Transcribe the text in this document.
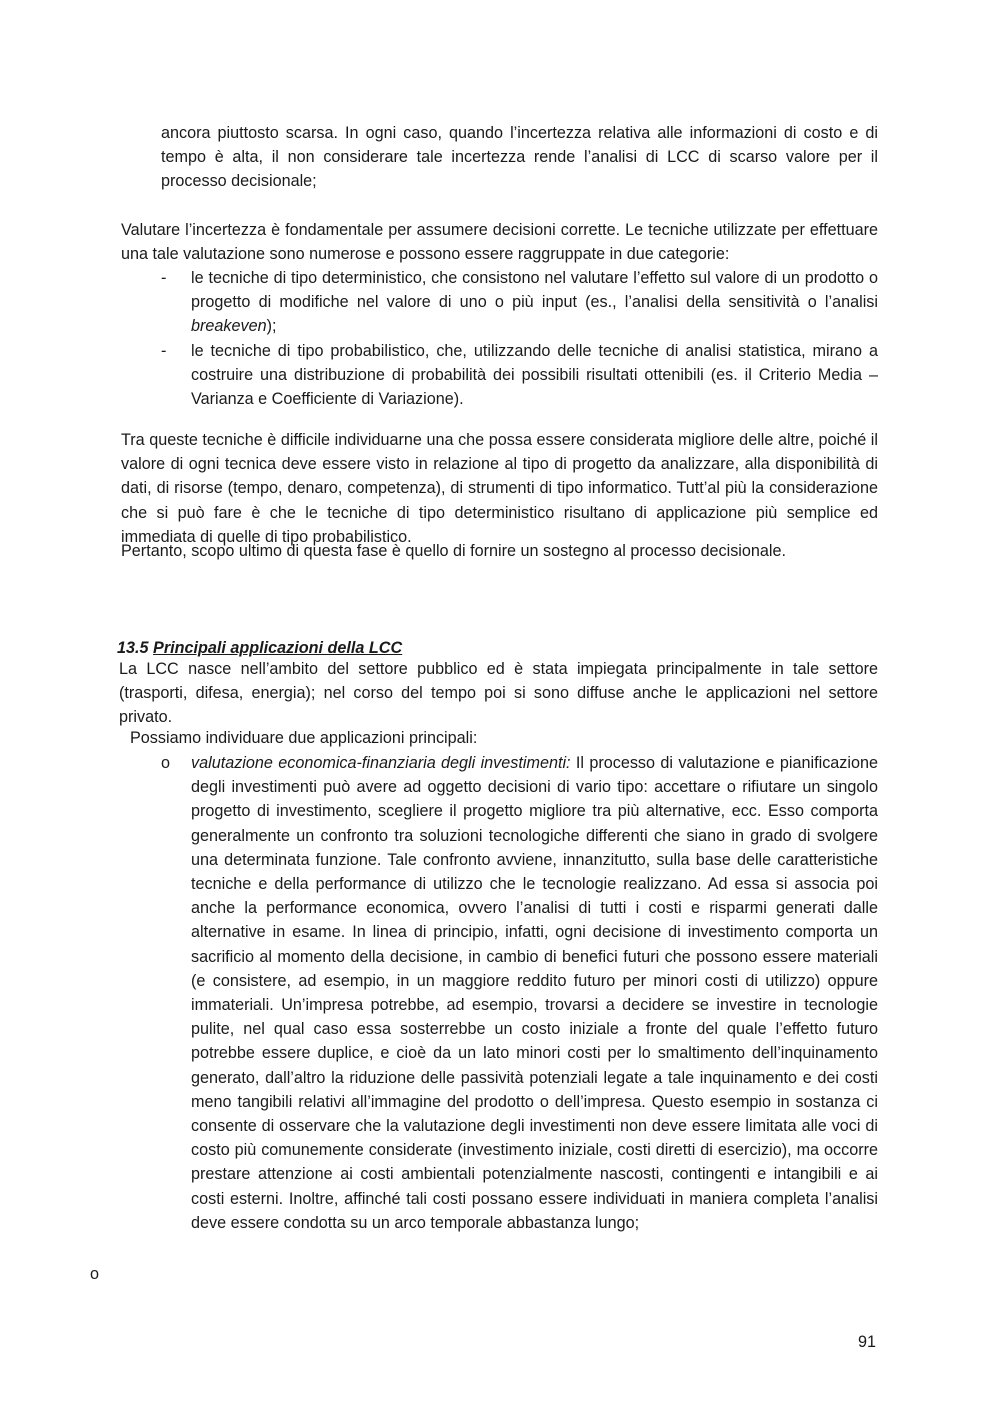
ancora piuttosto scarsa. In ogni caso, quando l’incertezza relativa alle informazioni di costo e di
tempo è alta, il non considerare tale incertezza rende l’analisi di LCC di scarso valore per il
processo decisionale;

Valutare l’incertezza è fondamentale per assumere decisioni corrette. Le tecniche utilizzate per effettuare una tale valutazione sono numerose e possono essere raggruppate in due categorie:

- le tecniche di tipo deterministico, che consistono nel valutare l’effetto sul valore di un prodotto o progetto di modifiche nel valore di uno o più input (es., l’analisi della sensitività o l’analisi breakeven);
- le tecniche di tipo probabilistico, che, utilizzando delle tecniche di analisi statistica, mirano a costruire una distribuzione di probabilità dei possibili risultati ottenibili (es. il Criterio Media – Varianza e Coefficiente di Variazione).

Tra queste tecniche è difficile individuarne una che possa essere considerata migliore delle altre, poiché il valore di ogni tecnica deve essere visto in relazione al tipo di progetto da analizzare, alla disponibilità di dati, di risorse (tempo, denaro, competenza), di strumenti di tipo informatico. Tutt’al più la considerazione che si può fare è che le tecniche di tipo deterministico risultano di applicazione più semplice ed immediata di quelle di tipo probabilistico.

Pertanto, scopo ultimo di questa fase è quello di fornire un sostegno al processo decisionale.

13.5 Principali applicazioni della LCC

La LCC nasce nell’ambito del settore pubblico ed è stata impiegata principalmente in tale settore (trasporti, difesa, energia); nel corso del tempo poi si sono diffuse anche le applicazioni nel settore privato.

Possiamo individuare due applicazioni principali:

o valutazione economica-finanziaria degli investimenti: Il processo di valutazione e pianificazione degli investimenti può avere ad oggetto decisioni di vario tipo: accettare o rifiutare un singolo progetto di investimento, scegliere il progetto migliore tra più alternative, ecc. Esso comporta generalmente un confronto tra soluzioni tecnologiche differenti che siano in grado di svolgere una determinata funzione. Tale confronto avviene, innanzitutto, sulla base delle caratteristiche tecniche e della performance di utilizzo che le tecnologie realizzano. Ad essa si associa poi anche la performance economica, ovvero l’analisi di tutti i costi e risparmi generati dalle alternative in esame. In linea di principio, infatti, ogni decisione di investimento comporta un sacrificio al momento della decisione, in cambio di benefici futuri che possono essere materiali (e consistere, ad esempio, in un maggiore reddito futuro per minori costi di utilizzo) oppure immateriali. Un’impresa potrebbe, ad esempio, trovarsi a decidere se investire in tecnologie pulite, nel qual caso essa sosterrebbe un costo iniziale a fronte del quale l’effetto futuro potrebbe essere duplice, e cioè da un lato minori costi per lo smaltimento dell’inquinamento generato, dall’altro la riduzione delle passività potenziali legate a tale inquinamento e dei costi meno tangibili relativi all’immagine del prodotto o dell’impresa. Questo esempio in sostanza ci consente di osservare che la valutazione degli investimenti non deve essere limitata alle voci di costo più comunemente considerate (investimento iniziale, costi diretti di esercizio), ma occorre prestare attenzione ai costi ambientali potenzialmente nascosti, contingenti e intangibili e ai costi esterni. Inoltre, affinché tali costi possano essere individuati in maniera completa l’analisi deve essere condotta su un arco temporale abbastanza lungo;
o
91
